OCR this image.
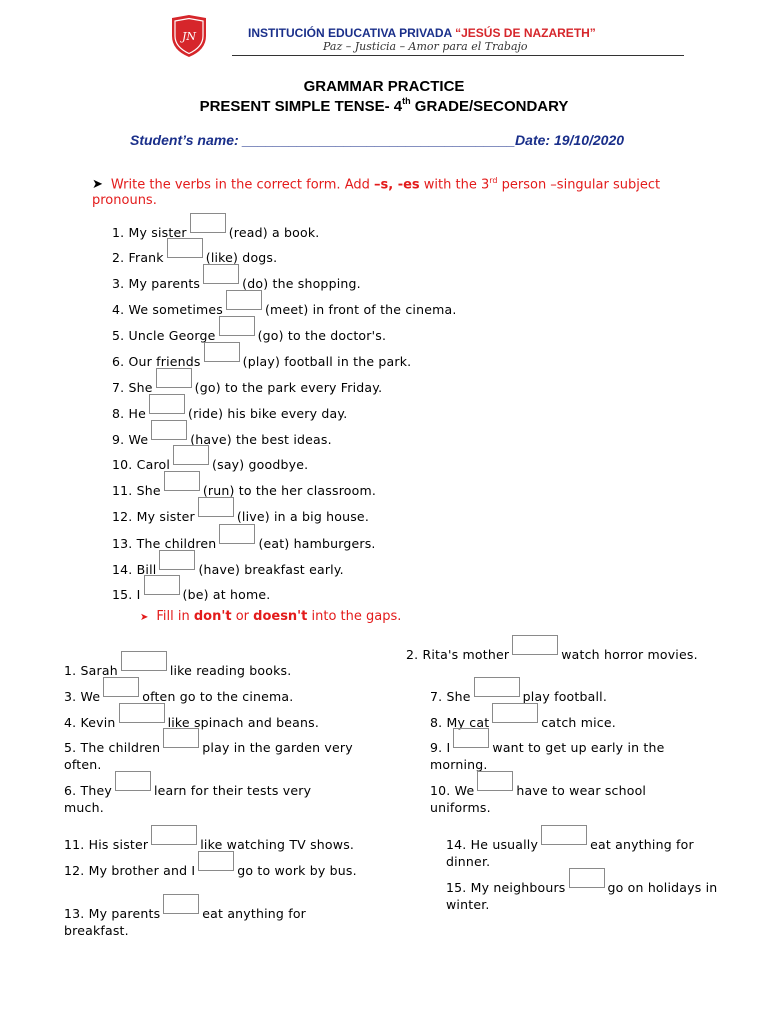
JN	INSTITUCIÓN EDUCATIVA PRIVADA “JESÚS DE NAZARETH”
Paz – Justicia – Amor para el Trabajo
GRAMMAR PRACTICE
PRESENT SIMPLE TENSE- 4th GRADE/SECONDARY
Student’s name: ___________________________________Date: 19/10/2020
➤ Write the verbs in the correct form. Add –s, -es with the 3rd person –singular subject pronouns.
1. My sister	(read) a book.
2. Frank	(like) dogs.
3. My parents	(do) the shopping.
4. We sometimes	(meet) in front of the cinema.
5. Uncle George	(go) to the doctor's.
6. Our friends	(play) football in the park.
7. She	(go) to the park every Friday.
8. He	(ride) his bike every day.
9. We	(have) the best ideas.
10. Carol	(say) goodbye.
11. She	(run) to the her classroom.
12. My sister	(live) in a big house.
13. The children	(eat) hamburgers.
14. Bill	(have) breakfast early.
15. I	(be) at home.
➤ Fill in don't or doesn't into the gaps.
1. Sarah	like reading books.
2. Rita's mother	watch horror movies.
3. We	often go to the cinema.	7. She	play football.
4. Kevin	like spinach and beans.	8. My cat	catch mice.
5. The children	play in the garden very often.
9. I	want to get up early in the morning.
6. They	learn for their tests very much.
10. We	have to wear school uniforms.
11. His sister	like watching TV shows.	14. He usually	eat anything for dinner.
12. My brother and I	go to work by bus.
15. My neighbours	go on holidays in winter.
13. My parents	eat anything for breakfast.
